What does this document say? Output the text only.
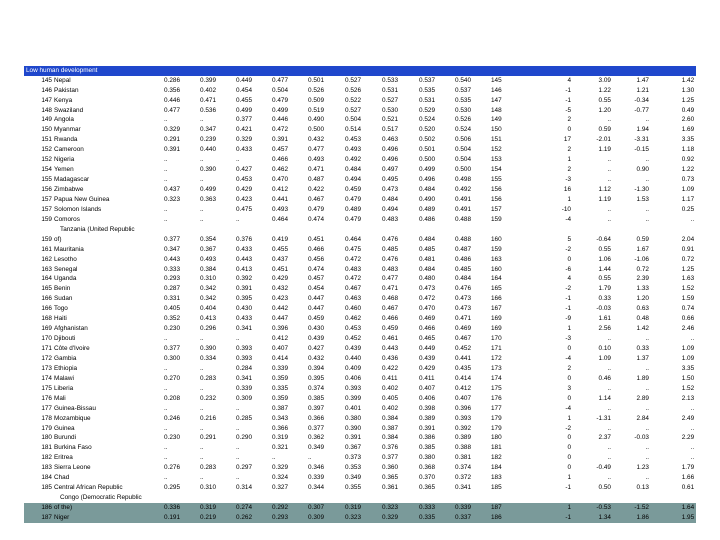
Low human development															
145	Nepal	0.286	0.399	0.449	0.477	0.501	0.527	0.533	0.537	0.540	145	4	3.09	1.47	1.42
146	Pakistan	0.356	0.402	0.454	0.504	0.526	0.526	0.531	0.535	0.537	146	-1	1.22	1.21	1.30
147	Kenya	0.446	0.471	0.455	0.479	0.509	0.522	0.527	0.531	0.535	147	-1	0.55	-0.34	1.25
148	Swaziland	0.477	0.536	0.499	0.499	0.519	0.527	0.530	0.529	0.530	148	-5	1.20	-0.77	0.49
149	Angola	..	..	0.377	0.446	0.490	0.504	0.521	0.524	0.526	149	2	..	..	2.60
150	Myanmar	0.329	0.347	0.421	0.472	0.500	0.514	0.517	0.520	0.524	150	0	0.59	1.94	1.69
151	Rwanda	0.291	0.239	0.329	0.391	0.432	0.453	0.463	0.502	0.506	151	17	-2.01	-3.31	3.35
152	Cameroon	0.391	0.440	0.433	0.457	0.477	0.493	0.496	0.501	0.504	152	2	1.19	-0.15	1.18
152	Nigeria	..	..	..	0.466	0.493	0.492	0.496	0.500	0.504	153	1	..	..	0.92
154	Yemen	..	0.390	0.427	0.462	0.471	0.484	0.497	0.499	0.500	154	2	..	0.90	1.22
155	Madagascar	..	..	0.453	0.470	0.487	0.494	0.495	0.496	0.498	155	-3	..	..	0.73
156	Zimbabwe	0.437	0.499	0.429	0.412	0.422	0.459	0.473	0.484	0.492	156	16	1.12	-1.30	1.09
157	Papua New Guinea	0.323	0.363	0.423	0.441	0.467	0.479	0.484	0.490	0.491	156	1	1.19	1.53	1.17
157	Solomon Islands	..	..	0.475	0.493	0.479	0.489	0.494	0.489	0.491	157	-10	..	..	0.25
159	Comoros	..	..	..	0.464	0.474	0.479	0.483	0.486	0.488	159	-4	..	..	..
	Tanzania (United Republic														
159	of)	0.377	0.354	0.376	0.419	0.451	0.464	0.476	0.484	0.488	160	5	-0.64	0.59	2.04
161	Mauritania	0.347	0.367	0.433	0.455	0.466	0.475	0.485	0.485	0.487	159	-2	0.55	1.67	0.91
162	Lesotho	0.443	0.493	0.443	0.437	0.456	0.472	0.476	0.481	0.486	163	0	1.06	-1.06	0.72
163	Senegal	0.333	0.384	0.413	0.451	0.474	0.483	0.483	0.484	0.485	160	-6	1.44	0.72	1.25
164	Uganda	0.293	0.310	0.392	0.429	0.457	0.472	0.477	0.480	0.484	164	4	0.55	2.39	1.63
165	Benin	0.287	0.342	0.391	0.432	0.454	0.467	0.471	0.473	0.476	165	-2	1.79	1.33	1.52
166	Sudan	0.331	0.342	0.395	0.423	0.447	0.463	0.468	0.472	0.473	166	-1	0.33	1.20	1.59
166	Togo	0.405	0.404	0.430	0.442	0.447	0.460	0.467	0.470	0.473	167	-1	-0.03	0.63	0.74
168	Haiti	0.352	0.413	0.433	0.447	0.459	0.462	0.466	0.469	0.471	169	-9	1.61	0.48	0.66
169	Afghanistan	0.230	0.296	0.341	0.396	0.430	0.453	0.459	0.466	0.469	169	1	2.56	1.42	2.46
170	Djibouti	..	..	..	0.412	0.439	0.452	0.461	0.465	0.467	170	-3	..	..	..
171	Côte d'Ivoire	0.377	0.390	0.393	0.407	0.427	0.439	0.443	0.449	0.452	171	0	0.10	0.33	1.09
172	Gambia	0.300	0.334	0.393	0.414	0.432	0.440	0.436	0.439	0.441	172	-4	1.09	1.37	1.09
173	Ethiopia	..	..	0.284	0.339	0.394	0.409	0.422	0.429	0.435	173	2	..	..	3.35
174	Malawi	0.270	0.283	0.341	0.359	0.395	0.406	0.411	0.411	0.414	174	0	0.46	1.89	1.50
175	Liberia	..	..	0.339	0.335	0.374	0.393	0.402	0.407	0.412	175	3	..	..	1.52
176	Mali	0.208	0.232	0.309	0.359	0.385	0.399	0.405	0.406	0.407	176	0	1.14	2.89	2.13
177	Guinea-Bissau	..	..	..	0.387	0.397	0.401	0.402	0.398	0.396	177	-4	..	..	..
178	Mozambique	0.246	0.216	0.285	0.343	0.366	0.380	0.384	0.389	0.393	179	1	-1.31	2.84	2.49
179	Guinea	..	..	..	0.366	0.377	0.390	0.387	0.391	0.392	179	-2	..	..	..
180	Burundi	0.230	0.291	0.290	0.319	0.362	0.391	0.384	0.386	0.389	180	0	2.37	-0.03	2.29
181	Burkina Faso	..	..	..	0.321	0.349	0.367	0.376	0.385	0.388	181	0	..	..	..
182	Eritrea	..	..	..	..	..	0.373	0.377	0.380	0.381	182	0	..	..	..
183	Sierra Leone	0.276	0.283	0.297	0.329	0.346	0.353	0.360	0.368	0.374	184	0	-0.49	1.23	1.79
184	Chad	..	..	..	0.324	0.339	0.349	0.365	0.370	0.372	183	1	..	..	1.66
185	Central African Republic	0.295	0.310	0.314	0.327	0.344	0.355	0.361	0.365	0.341	185	-1	0.50	0.13	0.61
	Congo (Democratic Republic														
186	of the)	0.336	0.319	0.274	0.292	0.307	0.319	0.323	0.333	0.339	187	1	-0.53	-1.52	1.64
187	Niger	0.191	0.219	0.262	0.293	0.309	0.323	0.329	0.335	0.337	186	-1	1.34	1.86	1.95
